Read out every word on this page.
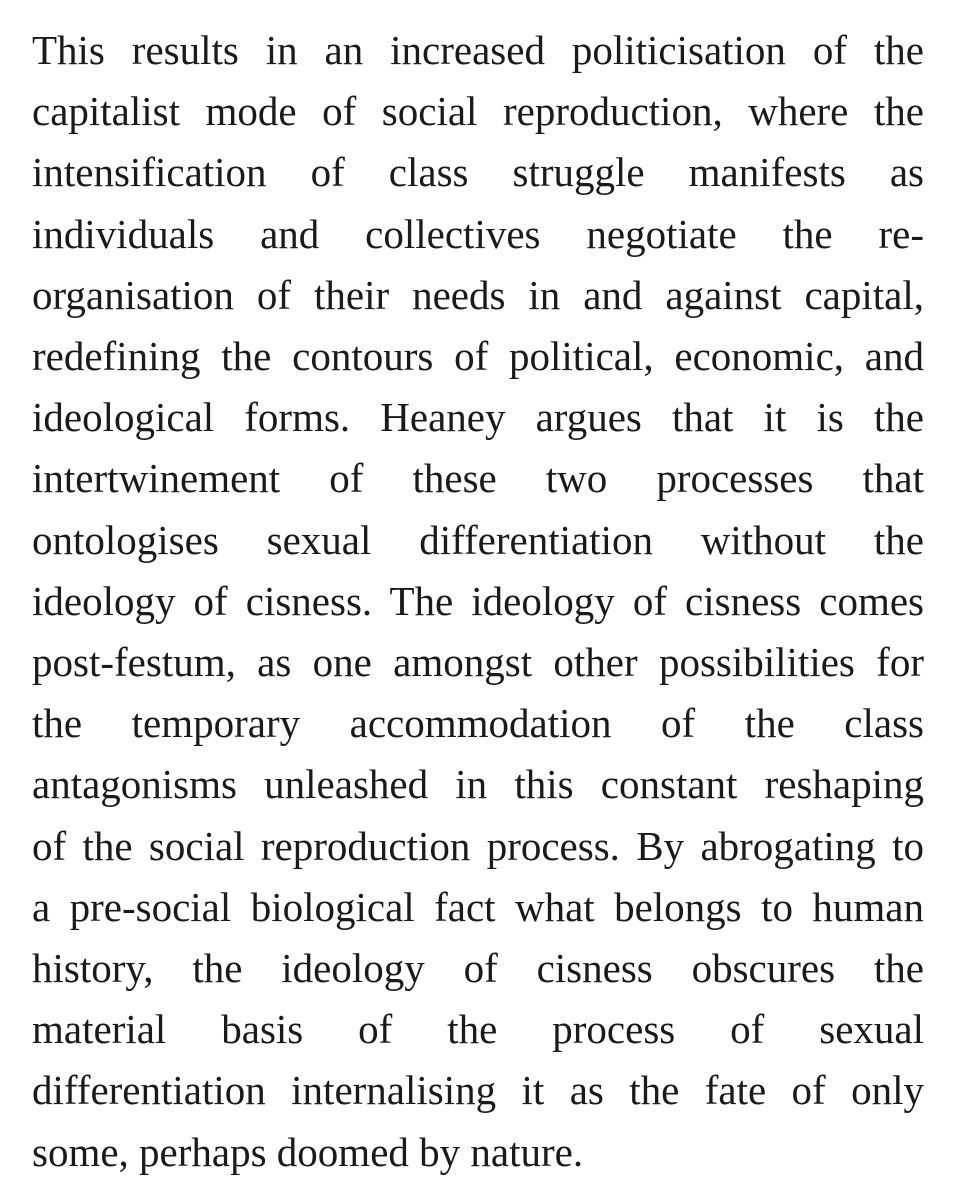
This results in an increased politicisation of the
capitalist mode of social reproduction, where the
intensification of class struggle manifests as
individuals and collectives negotiate the re-
organisation of their needs in and against capital,
redefining the contours of political, economic, and
ideological forms. Heaney argues that it is the
intertwinement of these two processes that
ontologises sexual differentiation without the
ideology of cisness. The ideology of cisness comes
post-festum, as one amongst other possibilities for
the temporary accommodation of the class
antagonisms unleashed in this constant reshaping
of the social reproduction process. By abrogating to
a pre-social biological fact what belongs to human
history, the ideology of cisness obscures the
material basis of the process of sexual
differentiation internalising it as the fate of only
some, perhaps doomed by nature.
